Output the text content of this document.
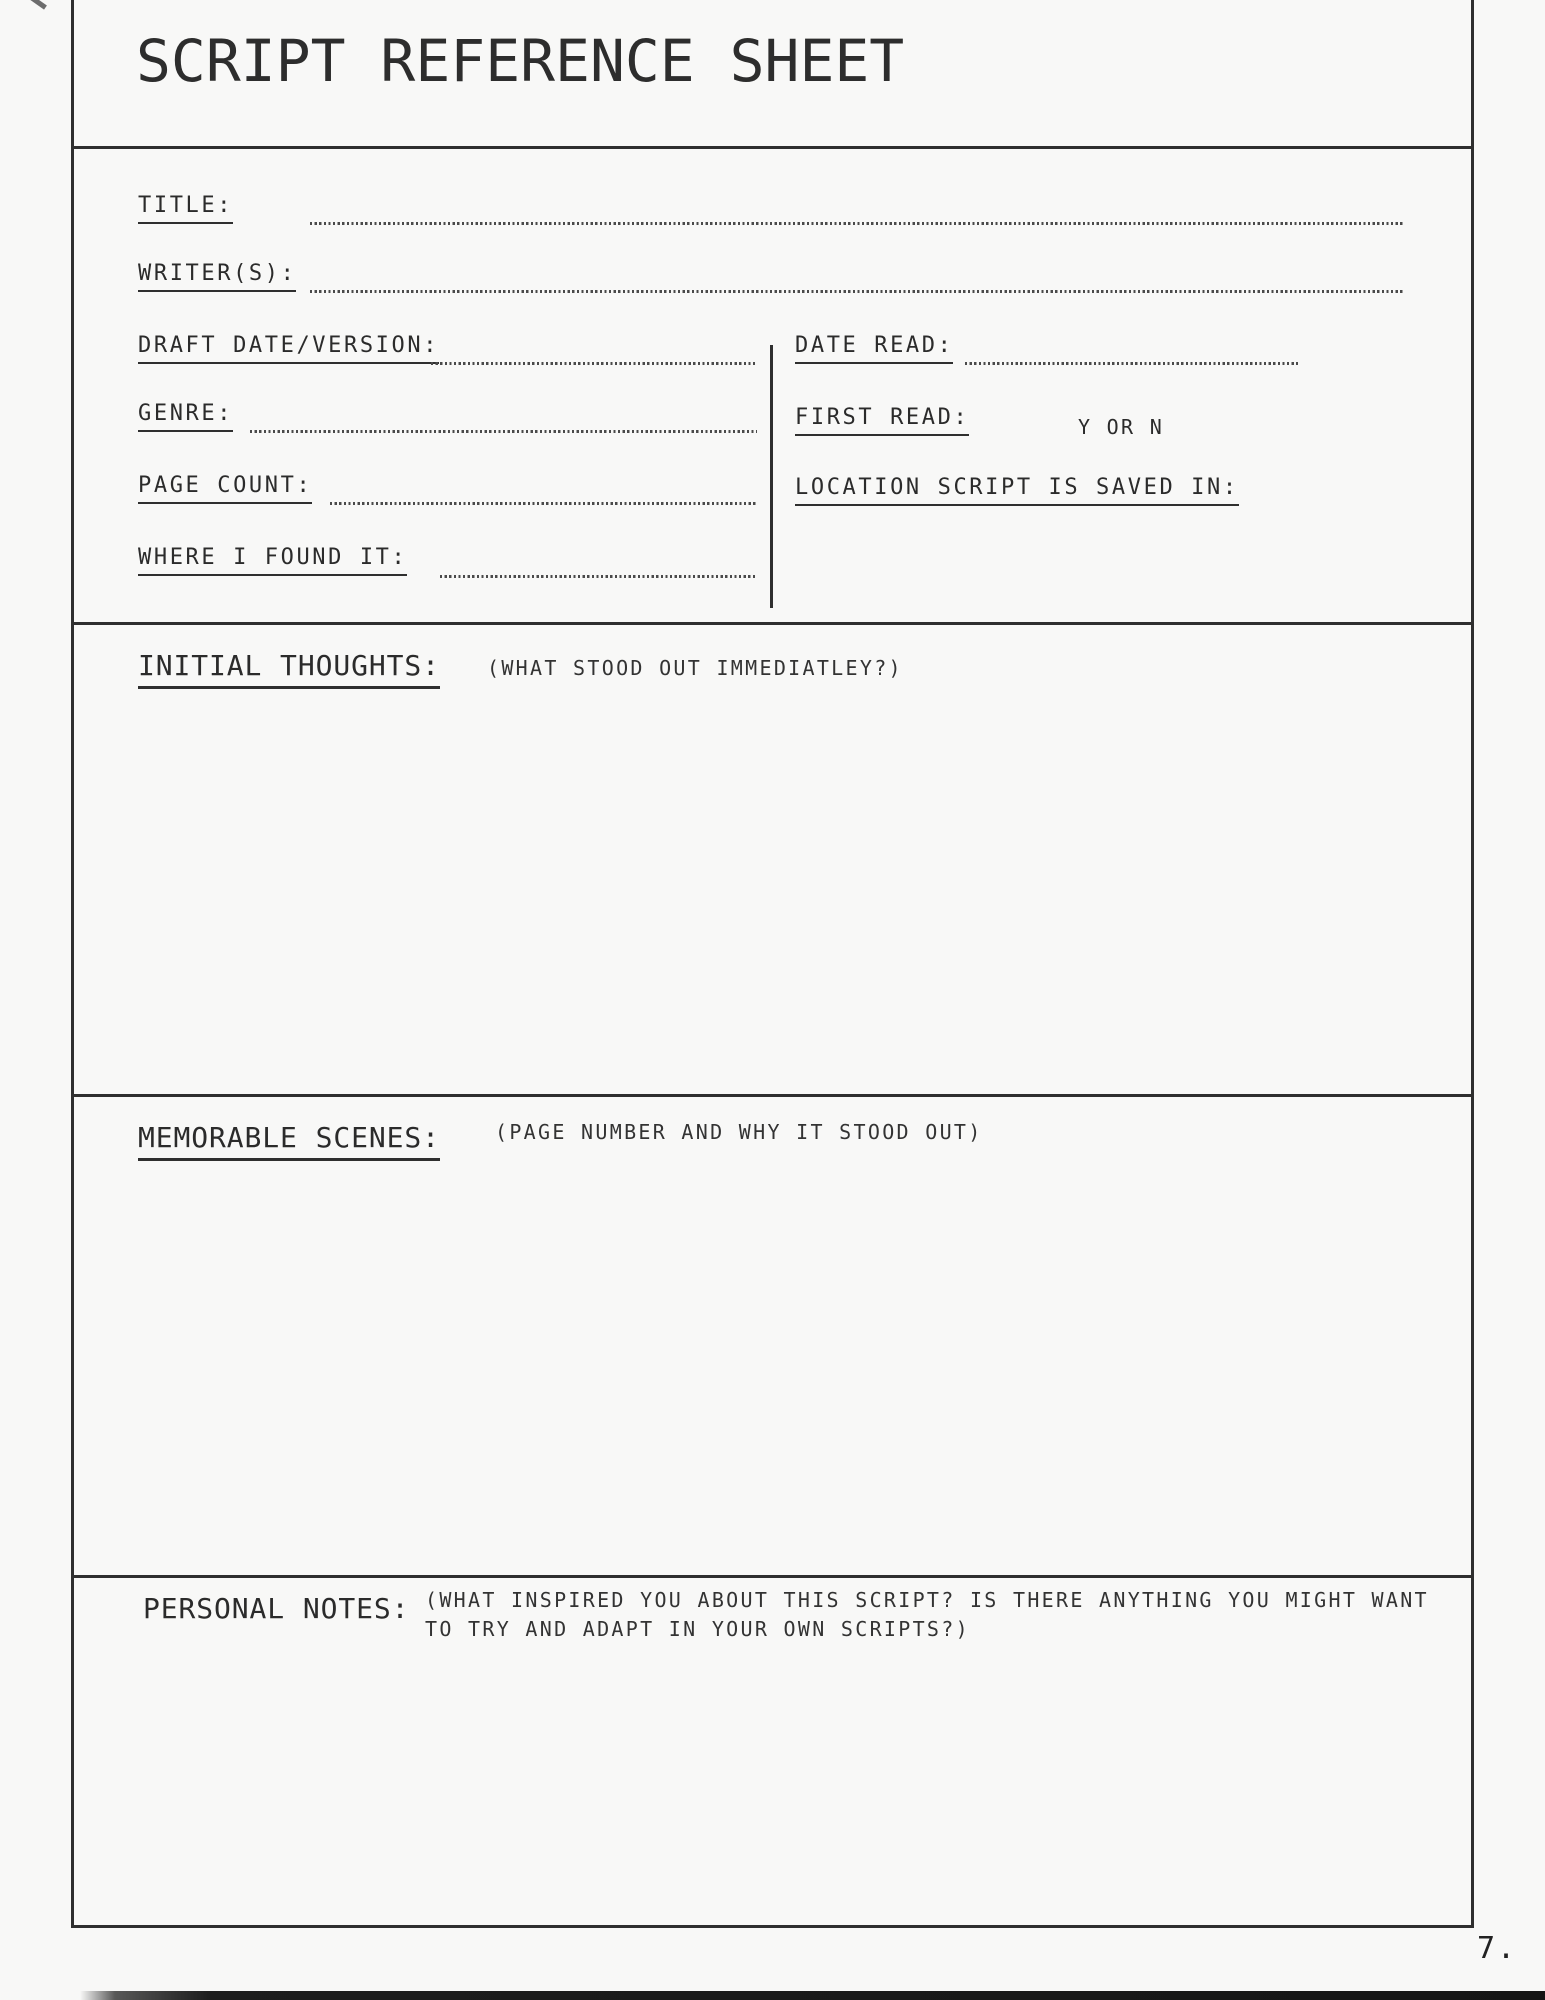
SCRIPT REFERENCE SHEET
TITLE:
WRITER(S):
DRAFT DATE/VERSION:
GENRE:
PAGE COUNT:
WHERE I FOUND IT:
DATE READ:
FIRST READ:	Y OR N
LOCATION SCRIPT IS SAVED IN:
INITIAL THOUGHTS: (WHAT STOOD OUT IMMEDIATLEY?)
MEMORABLE SCENES:	(PAGE NUMBER AND WHY IT STOOD OUT)
PERSONAL NOTES: (WHAT INSPIRED YOU ABOUT THIS SCRIPT? IS THERE ANYTHING YOU MIGHT WANT
TO TRY AND ADAPT IN YOUR OWN SCRIPTS?)
7.
